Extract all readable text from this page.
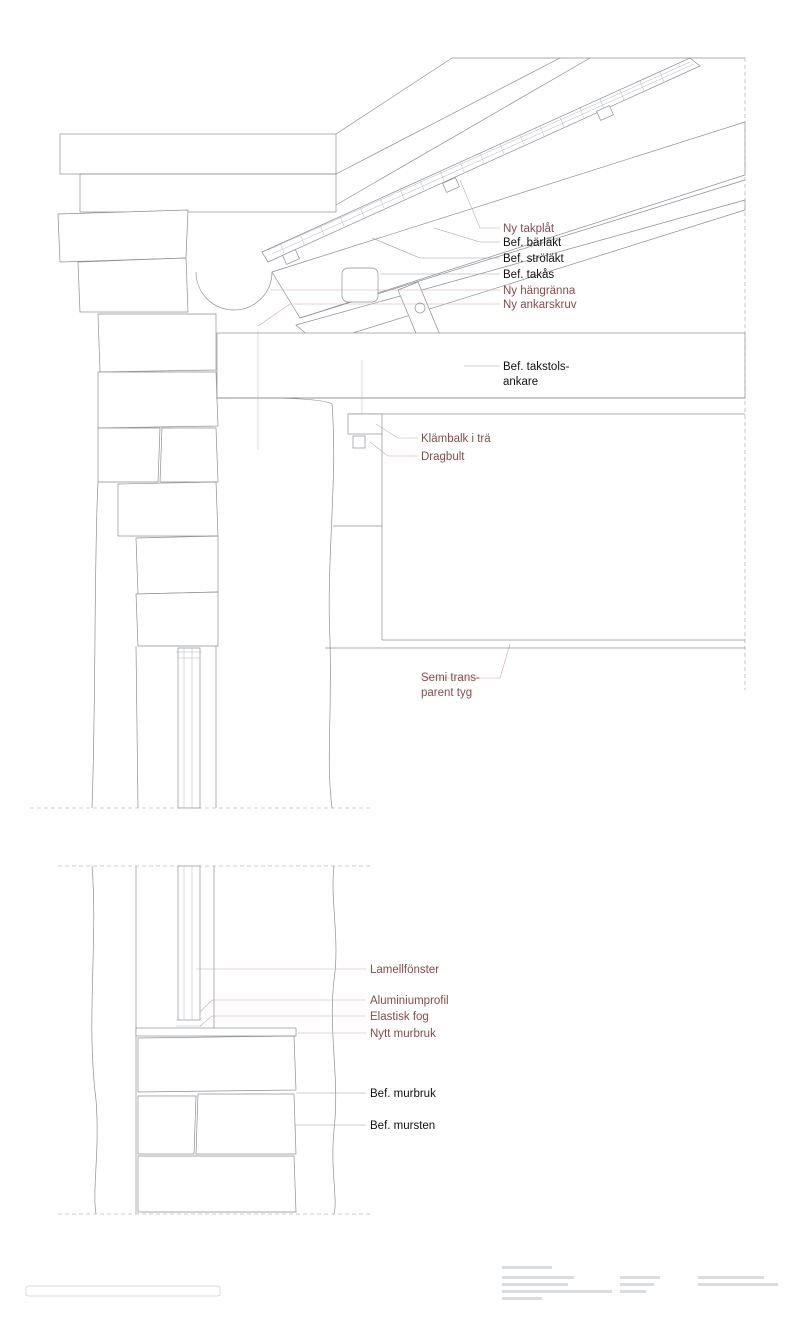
Ny takplåt
Bef. bärläkt
Bef. ströläkt
Bef. takås
Ny hängränna
Ny ankarskruv
Bef. takstols-
ankare
Klämbalk i trä
Dragbult
Semi trans-
parent tyg
Lamellfönster
Aluminiumprofil
Elastisk fog
Nytt murbruk
Bef. murbruk
Bef. mursten
